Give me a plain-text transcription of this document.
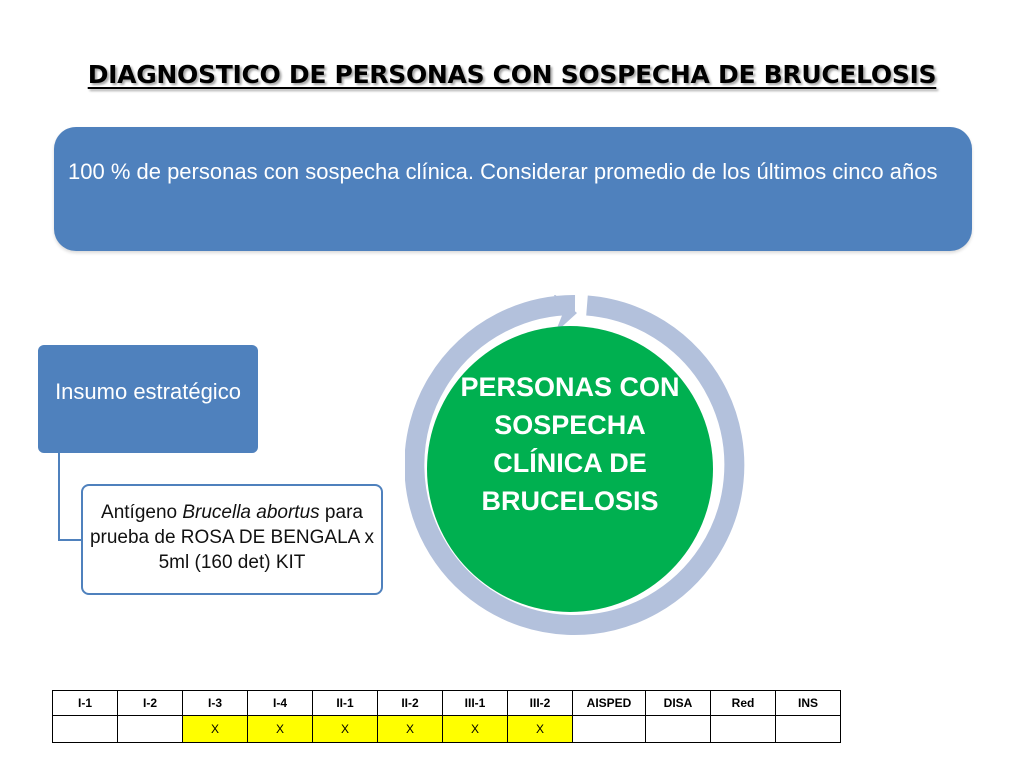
DIAGNOSTICO DE PERSONAS CON SOSPECHA DE BRUCELOSIS
100 % de personas con sospecha clínica. Considerar promedio de los últimos cinco años
Insumo estratégico
Antígeno Brucella abortus para prueba de ROSA DE BENGALA x 5ml (160 det) KIT
PERSONAS CON SOSPECHA CLÍNICA DE BRUCELOSIS
I-1	I-2	I-3	I-4	II-1	II-2	III-1	III-2	AISPED	DISA	Red	INS
		X	X	X	X	X	X				
